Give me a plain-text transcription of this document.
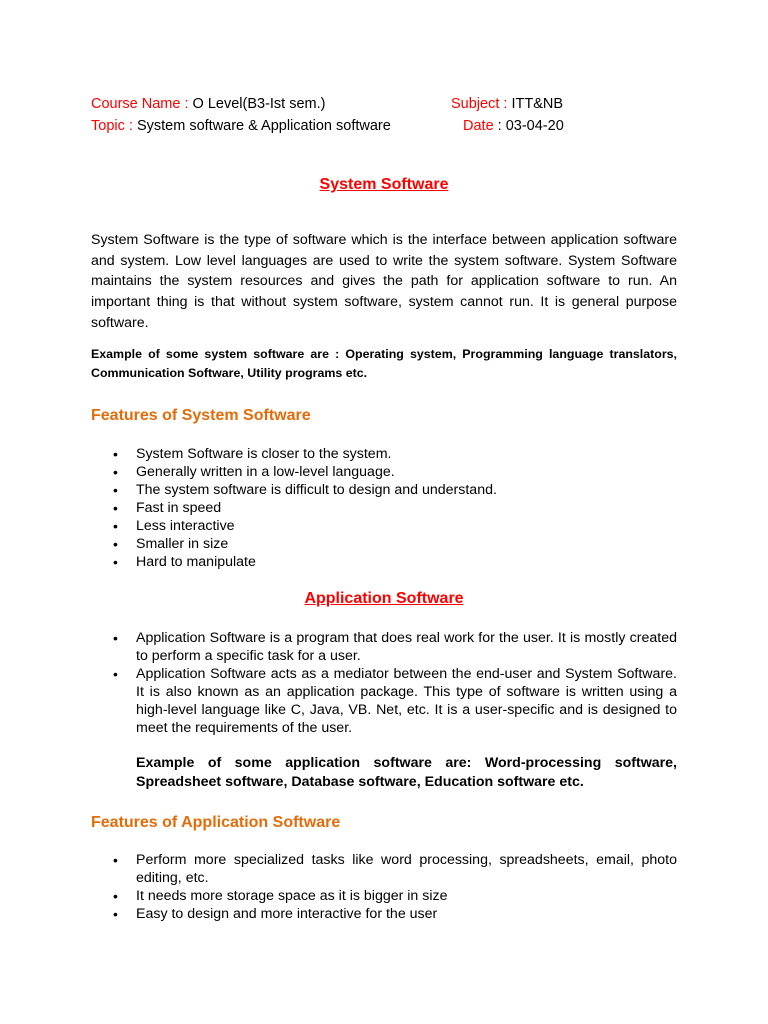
Course Name : O Level(B3-Ist sem.)	Subject : ITT&NB
Topic : System software & Application software	Date : 03-04-20
System Software
System Software is the type of software which is the interface between application software and system. Low level languages are used to write the system software. System Software maintains the system resources and gives the path for application software to run. An important thing is that without system software, system cannot run. It is general purpose software.
Example of some system software are : Operating system, Programming language translators, Communication Software, Utility programs etc.
Features of System Software
• System Software is closer to the system.
• Generally written in a low-level language.
• The system software is difficult to design and understand.
• Fast in speed
• Less interactive
• Smaller in size
• Hard to manipulate
Application Software
• Application Software is a program that does real work for the user. It is mostly created to perform a specific task for a user.
• Application Software acts as a mediator between the end-user and System Software. It is also known as an application package. This type of software is written using a high-level language like C, Java, VB. Net, etc. It is a user-specific and is designed to meet the requirements of the user.
Example of some application software are: Word-processing software, Spreadsheet software, Database software, Education software etc.
Features of Application Software
• Perform more specialized tasks like word processing, spreadsheets, email, photo editing, etc.
• It needs more storage space as it is bigger in size
• Easy to design and more interactive for the user
